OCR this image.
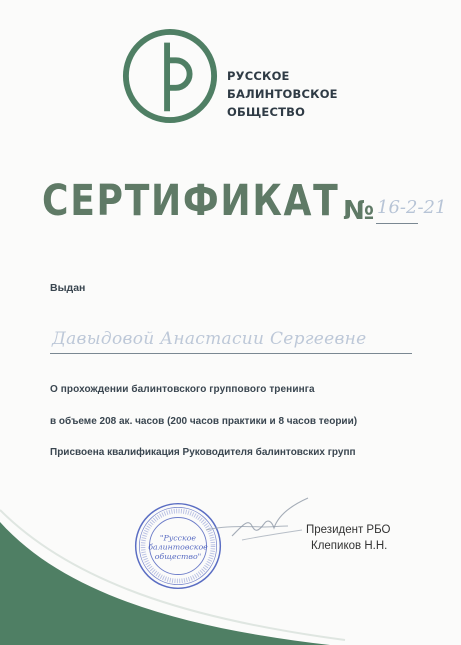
РУССКОЕ
БАЛИНТОВСКОЕ
ОБЩЕСТВО
СЕРТИФИКАТ № 16-2-21
Выдан
Давыдовой Анастасии Сергеевне
О прохождении балинтовского группового тренинга
в объеме 208 ак. часов (200 часов практики и 8 часов теории)
Присвоена квалификация Руководителя балинтовских групп
"Русское
балинтовское
общество"
Президент РБО
Клепиков Н.Н.
